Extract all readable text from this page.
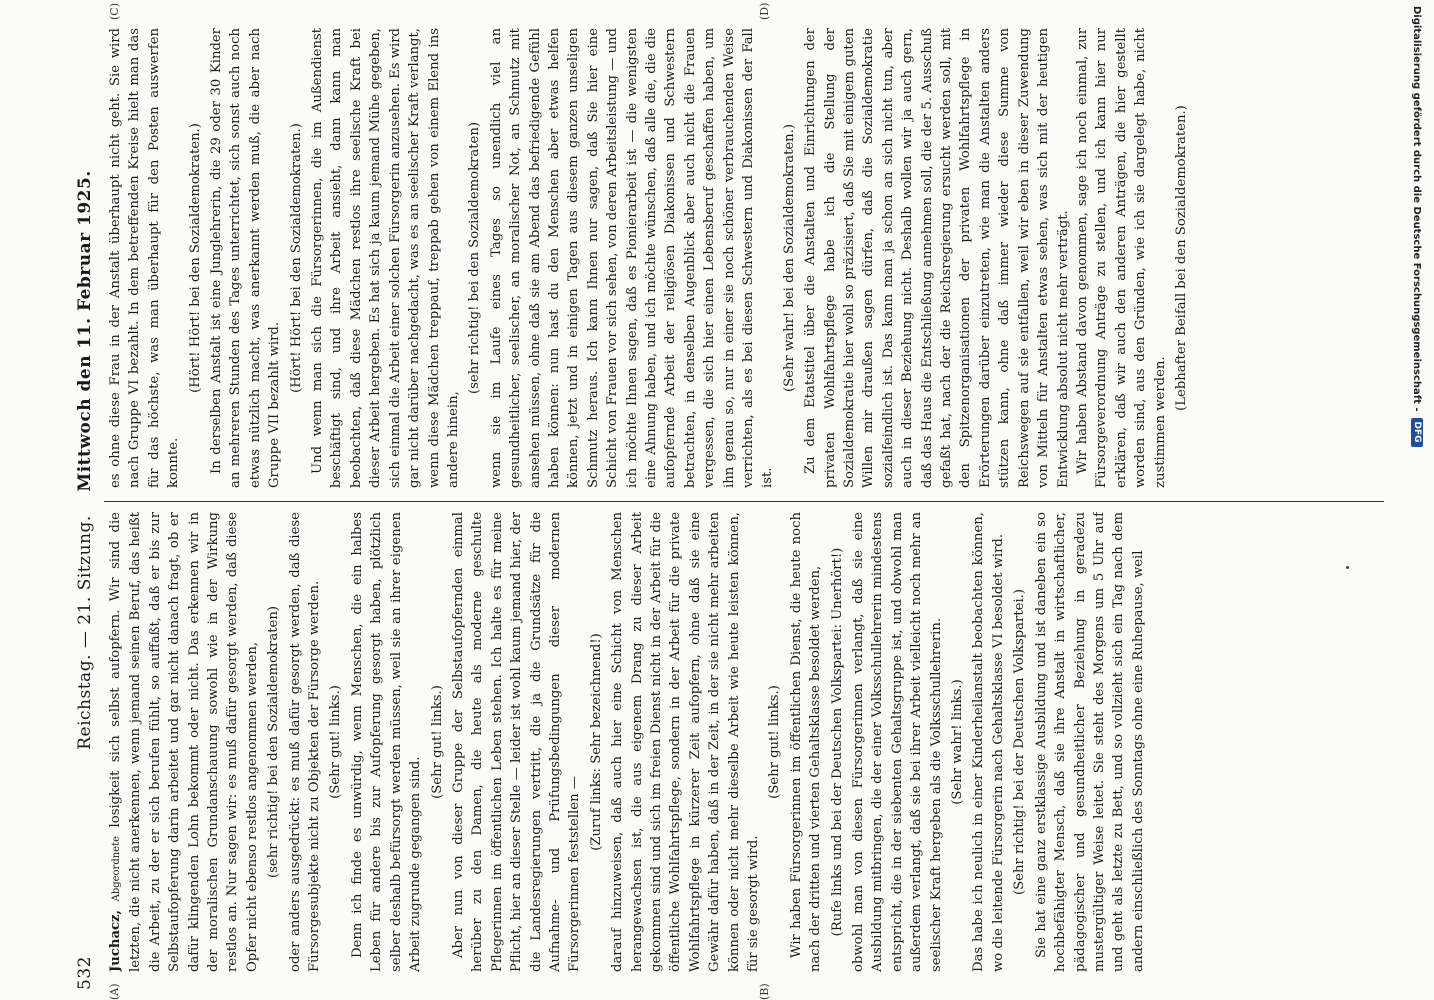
532
Reichstag. — 21. Sitzung.    Mittwoch den 11. Februar 1925.
(A)	(B)
(C)	(D)

Juchacz, Abgeordnete losigkeit sich selbst aufopfern. Wir sind die letzten, die nicht anerkennen, wenn jemand seinen Beruf, das heißt die Arbeit, zu der er sich berufen fühlt, so auffaßt, daß er bis zur Selbstaufopferung darin arbeitet und gar nicht danach fragt, ob er dafür klingenden Lohn bekommt oder nicht. Das erkennen wir in der moralischen Grundanschauung sowohl wie in der Wirkung restlos an. Nur sagen wir: es muß dafür gesorgt werden, daß diese Opfer nicht ebenso restlos angenommen werden, (sehr richtig! bei den Sozialdemokraten) oder anders ausgedrückt: es muß dafür gesorgt werden, daß diese Fürsorgesubjekte nicht zu Objekten der Fürsorge werden. (Sehr gut! links.) Denn ich finde es unwürdig, wenn Menschen, die ein halbes Leben für andere bis zur Aufopferung gesorgt haben, plötzlich selber deshalb befürsorgt werden müssen, weil sie an ihrer eigenen Arbeit zugrunde gegangen sind.

(Sehr gut! links.) Aber nun von dieser Gruppe der Selbstaufopfernden einmal herüber zu den Damen, die heute als moderne geschulte Pflegerinnen im öffentlichen Leben stehen. Ich halte es für meine Pflicht, hier an dieser Stelle — leider ist wohl kaum jemand hier, der die Landesregierungen vertritt, die ja die Grundsätze für die Aufnahme- und Prüfungsbedingungen dieser modernen Fürsorgerinnen feststellen —

(Zuruf links: Sehr bezeichnend!) darauf hinzuweisen, daß auch hier eine Schicht von Menschen herangewachsen ist, die aus eigenem Drang zu dieser Arbeit gekommen sind und sich im freien Dienst nicht in der Arbeit für die öffentliche Wohlfahrtspflege, sondern in der Arbeit für die private Wohlfahrtspflege in kürzerer Zeit aufopfern, ohne daß sie eine Gewähr dafür haben, daß in der Zeit, in der sie nicht mehr arbeiten können oder nicht mehr dieselbe Arbeit wie heute leisten können, für sie gesorgt wird.

(Sehr gut! links.) Wir haben Fürsorgerinnen im öffentlichen Dienst, die heute noch nach der dritten und vierten Gehaltsklasse besoldet werden, (Rufe links und bei der Deutschen Volkspartei: Unerhört!) obwohl man von diesen Fürsorgerinnen verlangt, daß sie eine Ausbildung mitbringen, die der einer Volksschullehrerin mindestens entspricht, die in der siebenten Gehaltsgruppe ist, und obwohl man außerdem verlangt, daß sie bei ihrer Arbeit vielleicht noch mehr an seelischer Kraft hergeben als die Volksschullehrerin. (Sehr wahr! links.) Das habe ich neulich in einer Kinderheilanstalt beobachten können, wo die leitende Fürsorgerin nach Gehaltsklasse VI besoldet wird. (Sehr richtig! bei der Deutschen Volkspartei.) Sie hat eine ganz erstklassige Ausbildung und ist daneben ein so hochbefähigter Mensch, daß sie ihre Anstalt in wirtschaftlicher, pädagogischer und gesundheitlicher Beziehung in geradezu mustergültiger Weise leitet. Sie steht des Morgens um 5 Uhr auf und geht als letzte zu Bett, und so vollzieht sich ein Tag nach dem andern einschließlich des Sonntags ohne eine Ruhepause, weil

es ohne diese Frau in der Anstalt überhaupt nicht geht. Sie wird nach Gruppe VI bezahlt. In dem betreffenden Kreise hielt man das für das höchste, was man überhaupt für den Posten auswerfen konnte.

(Hört! Hört! bei den Sozialdemokraten.) In derselben Anstalt ist eine Junglehrerin, die 29 oder 30 Kinder an mehreren Stunden des Tages unterrichtet, sich sonst auch noch etwas nützlich macht, was anerkannt werden muß, die aber nach Gruppe VII bezahlt wird.

(Hört! Hört! bei den Sozialdemokraten.) Und wenn man sich die Fürsorgerinnen, die im Außendienst beschäftigt sind, und ihre Arbeit ansieht, dann kann man beobachten, daß diese Mädchen restlos ihre seelische Kraft bei dieser Arbeit hergeben. Es hat sich ja kaum jemand Mühe gegeben, sich einmal die Arbeit einer solchen Fürsorgerin anzusehen. Es wird gar nicht darüber nachgedacht, was es an seelischer Kraft verlangt, wenn diese Mädchen treppauf, treppab gehen von einem Elend ins andere hinein,

(sehr richtig! bei den Sozialdemokraten) wenn sie im Laufe eines Tages so unendlich viel an gesundheitlicher, seelischer, an moralischer Not, an Schmutz mit ansehen müssen, ohne daß sie am Abend das befriedigende Gefühl haben können: nun hast du den Menschen aber etwas helfen können, jetzt und in einigen Tagen aus diesem ganzen unseligen Schmutz heraus. Ich kann Ihnen nur sagen, daß Sie hier eine Schicht von Frauen vor sich sehen, von deren Arbeitsleistung — und ich möchte Ihnen sagen, daß es Pionierarbeit ist — die wenigsten eine Ahnung haben, und ich möchte wünschen, daß alle die, die die aufopfernde Arbeit der religiösen Diakonissen und Schwestern betrachten, in denselben Augenblick aber auch nicht die Frauen vergessen, die sich hier einen Lebensberuf geschaffen haben, um ihn genau so, nur in einer sie noch schöner verbrauchenden Weise verrichten, als es bei diesen Schwestern und Diakonissen der Fall ist.

(Sehr wahr! bei den Sozialdemokraten.) Zu dem Etatstitel über die Anstalten und Einrichtungen der privaten Wohlfahrtspflege habe ich die Stellung der Sozialdemokratie hier wohl so präzisiert, daß Sie mit einigem guten Willen mir draußen sagen dürfen, daß die Sozialdemokratie sozialfeindlich ist. Das kann man ja schon an sich nicht tun, aber auch in dieser Beziehung nicht. Deshalb wollen wir ja auch gern, daß das Haus die Entschließung annehmen soll, die der 5. Ausschuß gefaßt hat, nach der die Reichsregierung ersucht werden soll, mit den Spitzenorganisationen der privaten Wohlfahrtspflege in Erörterungen darüber einzutreten, wie man die Anstalten anders stützen kann, ohne daß immer wieder diese Summe von Reichswegen auf sie entfallen, weil wir eben in dieser Zuwendung von Mitteln für Anstalten etwas sehen, was sich mit der heutigen Entwicklung absolut nicht mehr verträgt. Wir haben Abstand davon genommen, sage ich noch einmal, zur Fürsorgeverordnung Anträge zu stellen, und ich kann hier nur erklären, daß wir auch den anderen Anträgen, die hier gestellt worden sind, aus den Gründen, wie ich sie dargelegt habe, nicht zustimmen werden.

(Lebhafter Beifall bei den Sozialdemokraten.)	Digitalisierung gefördert durch die Deutsche Forschungsgemeinschaft -
DFG
